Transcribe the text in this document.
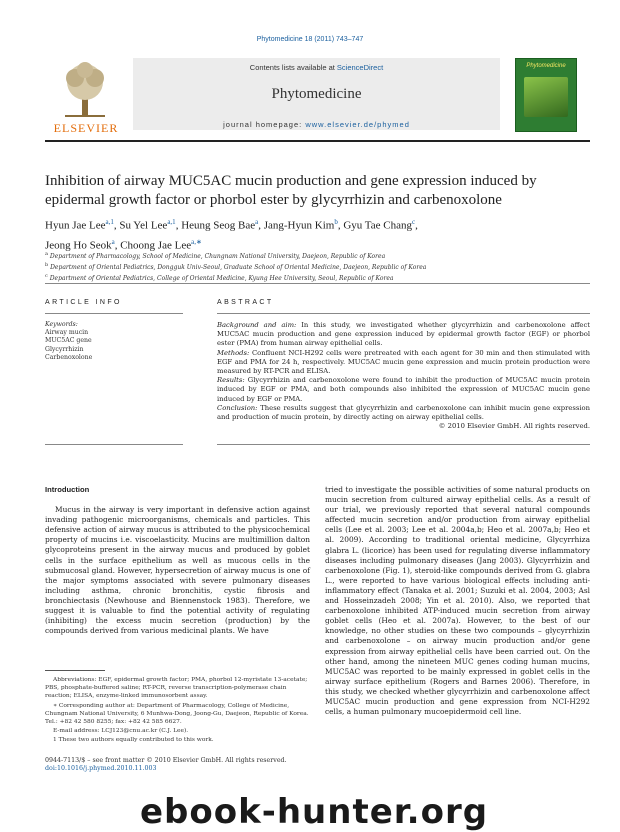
Phytomedicine 18 (2011) 743–747
ELSEVIER
Contents lists available at ScienceDirect
Phytomedicine
journal homepage: www.elsevier.de/phymed
Phytomedicine
Inhibition of airway MUC5AC mucin production and gene expression induced by epidermal growth factor or phorbol ester by glycyrrhizin and carbenoxolone
Hyun Jae Lee$^{a,1}$, Su Yel Lee$^{a,1}$, Heung Seog Bae$^a$, Jang-Hyun Kim$^b$, Gyu Tae Chang$^c$,
Jeong Ho Seok$^a$, Choong Jae Lee$^{a,∗}$
$^a$ Department of Pharmacology, School of Medicine, Chungnam National University, Daejeon, Republic of Korea
$^b$ Department of Oriental Pediatrics, Dongguk Univ-Seoul, Graduate School of Oriental Medicine, Daejeon, Republic of Korea
$^c$ Department of Oriental Pediatrics, College of Oriental Medicine, Kyung Hee University, Seoul, Republic of Korea
ARTICLE INFO	ABSTRACT
Keywords:
Airway mucin
MUC5AC gene
Glycyrrhizin
Carbenoxolone

Background and aim: In this study, we investigated whether glycyrrhizin and carbenoxolone affect MUC5AC mucin production and gene expression induced by epidermal growth factor (EGF) or phorbol ester (PMA) from human airway epithelial cells.

Methods: Confluent NCI-H292 cells were pretreated with each agent for 30 min and then stimulated with EGF and PMA for 24 h, respectively. MUC5AC mucin gene expression and mucin protein production were measured by RT-PCR and ELISA.

Results: Glycyrrhizin and carbenoxolone were found to inhibit the production of MUC5AC mucin protein induced by EGF or PMA, and both compounds also inhibited the expression of MUC5AC mucin gene induced by EGF or PMA.

Conclusion: These results suggest that glycyrrhizin and carbenoxolone can inhibit mucin gene expression and production of mucin protein, by directly acting on airway epithelial cells.

© 2010 Elsevier GmbH. All rights reserved.

Introduction

Mucus in the airway is very important in defensive action against invading pathogenic microorganisms, chemicals and particles. This defensive action of airway mucus is attributed to the physicochemical property of mucins i.e. viscoelasticity. Mucins are multimillion dalton glycoproteins present in the airway mucus and produced by goblet cells in the surface epithelium as well as mucous cells in the submucosal gland. However, hypersecretion of airway mucus is one of the major symptoms associated with severe pulmonary diseases including asthma, chronic bronchitis, cystic fibrosis and bronchiectasis (Newhouse and Biennenstock 1983). Therefore, we suggest it is valuable to find the potential activity of regulating (inhibiting) the excess mucin secretion (production) by the compounds derived from various medicinal plants. We have

tried to investigate the possible activities of some natural products on mucin secretion from cultured airway epithelial cells. As a result of our trial, we previously reported that several natural compounds affected mucin secretion and/or production from airway epithelial cells (Lee et al. 2003; Lee et al. 2004a,b; Heo et al. 2007a,b; Heo et al. 2009). According to traditional oriental medicine, Glycyrrhiza glabra L. (licorice) has been used for regulating diverse inflammatory diseases including pulmonary diseases (Jang 2003). Glycyrrhizin and carbenoxolone (Fig. 1), steroid-like compounds derived from G. glabra L., were reported to have various biological effects including anti-inflammatory effect (Tanaka et al. 2001; Suzuki et al. 2004, 2003; Asl and Hosseinzadeh 2008; Yin et al. 2010). Also, we reported that carbenoxolone inhibited ATP-induced mucin secretion from airway goblet cells (Heo et al. 2007a). However, to the best of our knowledge, no other studies on these two compounds – glycyrrhizin and carbenoxolone – on airway mucin production and/or gene expression from airway epithelial cells have been carried out. On the other hand, among the nineteen MUC genes coding human mucins, MUC5AC was reported to be mainly expressed in goblet cells in the airway surface epithelium (Rogers and Barnes 2006). Therefore, in this study, we checked whether glycyrrhizin and carbenoxolone affect MUC5AC mucin production and gene expression from NCI-H292 cells, a human pulmonary mucoepidermoid cell line.

Abbreviations: EGF, epidermal growth factor; PMA, phorbol 12-myristate 13-acetate; PBS, phosphate-buffered saline; RT-PCR, reverse transcription-polymerase chain reaction; ELISA, enzyme-linked immunosorbent assay.

∗ Corresponding author at: Department of Pharmacology, College of Medicine, Chungnam National University, 6 Munhwa-Dong, Joong-Gu, Daejeon, Republic of Korea. Tel.: +82 42 580 8255; fax: +82 42 585 6627.

E-mail address: LCJ123@cnu.ac.kr (C.J. Lee).

1 These two authors equally contributed to this work.

0944-7113/$ – see front matter © 2010 Elsevier GmbH. All rights reserved.
doi:10.1016/j.phymed.2010.11.003
ebook-hunter.org
